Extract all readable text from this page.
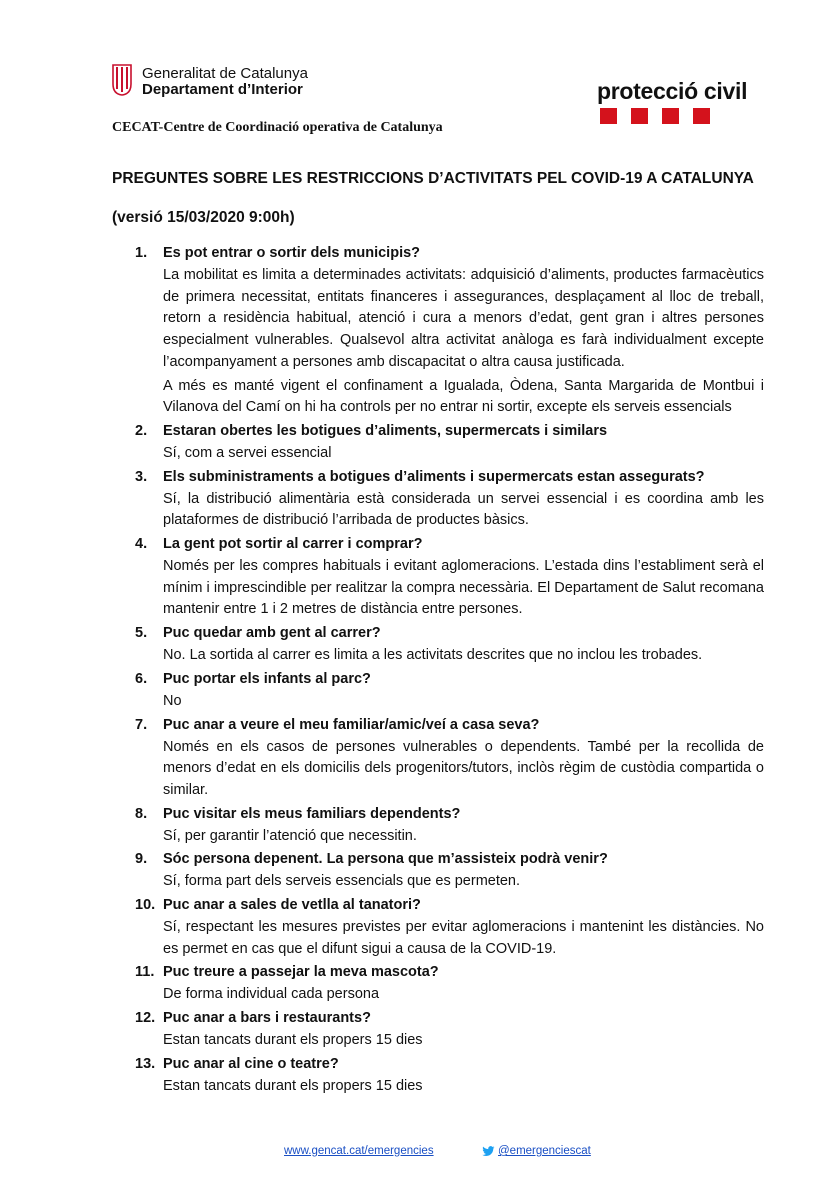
Generalitat de Catalunya
Departament d’Interior	protecció civil
CECAT-Centre de Coordinació operativa de Catalunya
PREGUNTES SOBRE LES RESTRICCIONS D’ACTIVITATS PEL COVID-19 A CATALUNYA
(versió 15/03/2020 9:00h)
1. Es pot entrar o sortir dels municipis?

La mobilitat es limita a determinades activitats: adquisició d’aliments, productes farmacèutics de primera necessitat, entitats financeres i assegurances, desplaçament al lloc de treball, retorn a residència habitual, atenció i cura a menors d’edat, gent gran i altres persones especialment vulnerables. Qualsevol altra activitat anàloga es farà individualment excepte l’acompanyament a persones amb discapacitat o altra causa justificada.

A més es manté vigent el confinament a Igualada, Òdena, Santa Margarida de Montbui i Vilanova del Camí on hi ha controls per no entrar ni sortir, excepte els serveis essencials

2. Estaran obertes les botigues d’aliments, supermercats i similars

Sí, com a servei essencial

3. Els subministraments a botigues d’aliments i supermercats estan assegurats?

Sí, la distribució alimentària està considerada un servei essencial i es coordina amb les plataformes de distribució l’arribada de productes bàsics.

4. La gent pot sortir al carrer i comprar?

Només per les compres habituals i evitant aglomeracions. L’estada dins l’establiment serà el mínim i imprescindible per realitzar la compra necessària. El Departament de Salut recomana mantenir entre 1 i 2 metres de distància entre persones.

5. Puc quedar amb gent al carrer?

No. La sortida al carrer es limita a les activitats descrites que no inclou les trobades.

6. Puc portar els infants al parc?

No

7. Puc anar a veure el meu familiar/amic/veí a casa seva?

Només en els casos de persones vulnerables o dependents. També per la recollida de menors d’edat en els domicilis dels progenitors/tutors, inclòs règim de custòdia compartida o similar.

8. Puc visitar els meus familiars dependents?

Sí, per garantir l’atenció que necessitin.

9. Sóc persona depenent. La persona que m’assisteix podrà venir?

Sí, forma part dels serveis essencials que es permeten.

10. Puc anar a sales de vetlla al tanatori?

Sí, respectant les mesures previstes per evitar aglomeracions i mantenint les distàncies. No es permet en cas que el difunt sigui a causa de la COVID-19.

11. Puc treure a passejar la meva mascota?

De forma individual cada persona

12. Puc anar a bars i restaurants?

Estan tancats durant els propers 15 dies

13. Puc anar al cine o teatre?

Estan tancats durant els propers 15 dies

www.gencat.cat/emergencies	@emergenciescat
